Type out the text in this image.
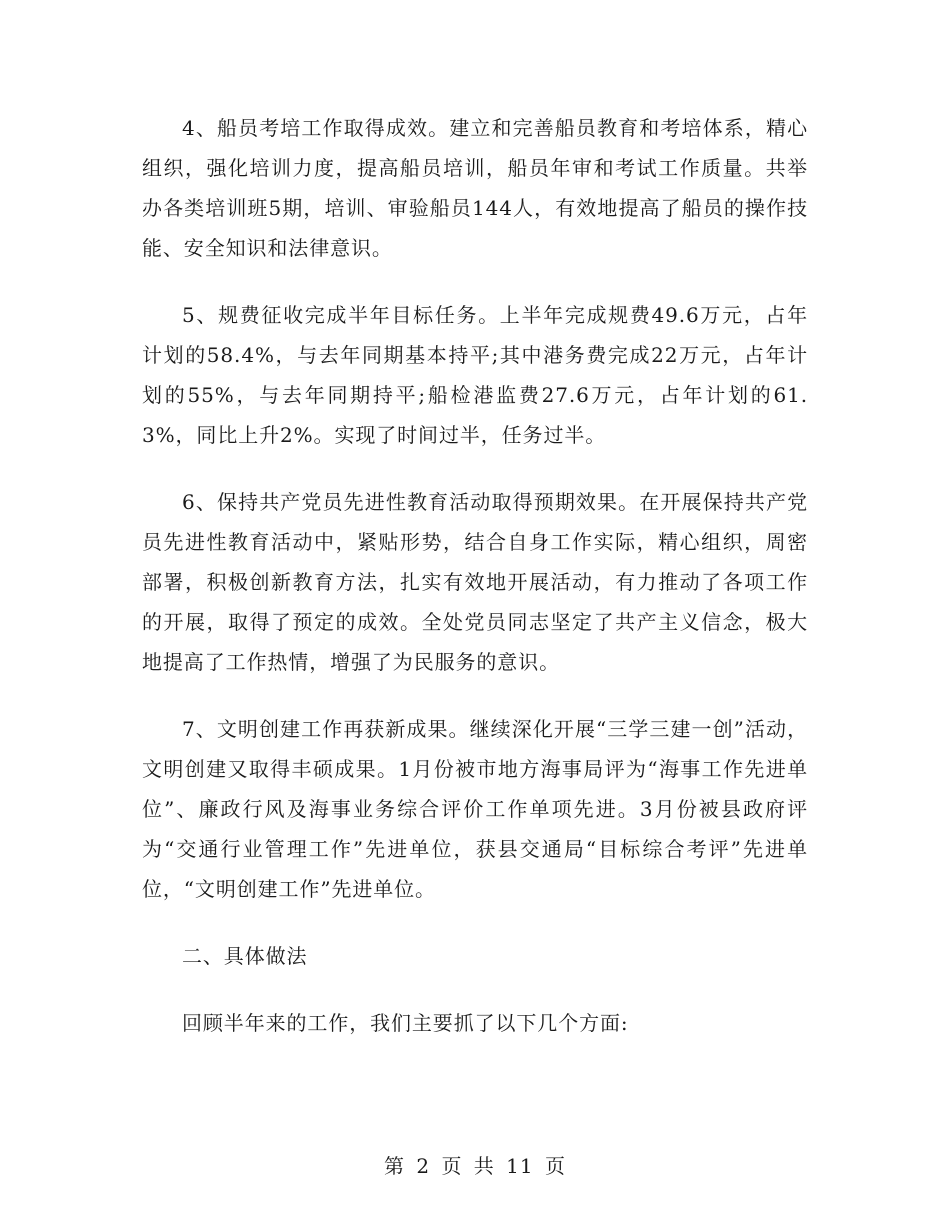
4、船员考培工作取得成效。建立和完善船员教育和考培体系，精心组织，强化培训力度，提高船员培训，船员年审和考试工作质量。共举办各类培训班5期，培训、审验船员144人，有效地提高了船员的操作技能、安全知识和法律意识。

5、规费征收完成半年目标任务。上半年完成规费49.6万元，占年计划的58.4%，与去年同期基本持平;其中港务费完成22万元，占年计划的55%，与去年同期持平;船检港监费27.6万元，占年计划的61.3%，同比上升2%。实现了时间过半，任务过半。

6、保持共产党员先进性教育活动取得预期效果。在开展保持共产党员先进性教育活动中，紧贴形势，结合自身工作实际，精心组织，周密部署，积极创新教育方法，扎实有效地开展活动，有力推动了各项工作的开展，取得了预定的成效。全处党员同志坚定了共产主义信念，极大地提高了工作热情，增强了为民服务的意识。

7、文明创建工作再获新成果。继续深化开展“三学三建一创”活动，文明创建又取得丰硕成果。1月份被市地方海事局评为“海事工作先进单位”、廉政行风及海事业务综合评价工作单项先进。3月份被县政府评为“交通行业管理工作”先进单位，获县交通局“目标综合考评”先进单位，“文明创建工作”先进单位。

二、具体做法

回顾半年来的工作，我们主要抓了以下几个方面:

第 2 页 共 11 页
